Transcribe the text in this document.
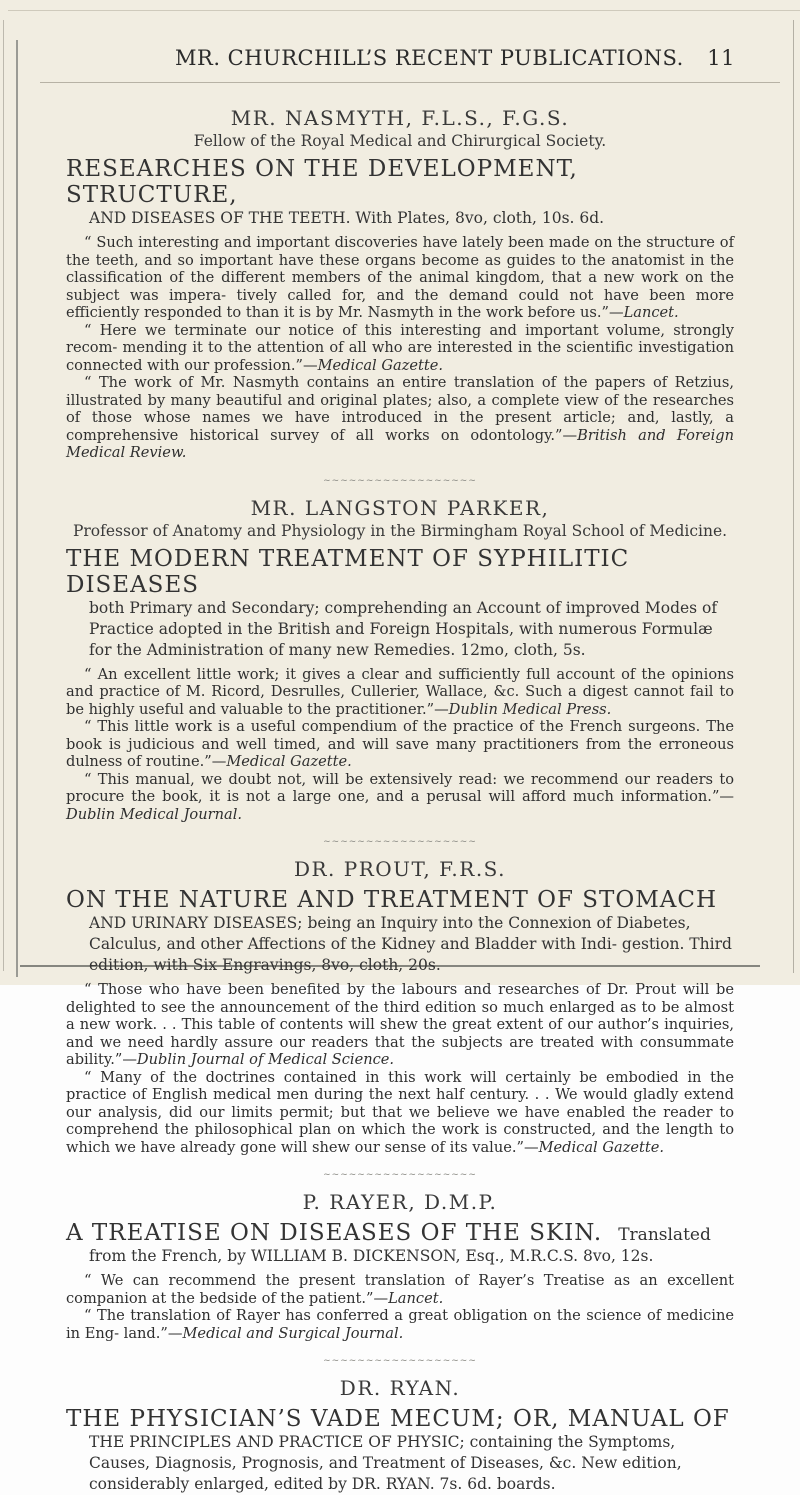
MR. CHURCHILL’S RECENT PUBLICATIONS. 11
MR. NASMYTH, F.L.S., F.G.S.
Fellow of the Royal Medical and Chirurgical Society.
RESEARCHES ON THE DEVELOPMENT, STRUCTURE,
AND DISEASES OF THE TEETH. With Plates, 8vo, cloth, 10s. 6d.

“ Such interesting and important discoveries have lately been made on the structure of the teeth, and so important have these organs become as guides to the anatomist in the classification of the different members of the animal kingdom, that a new work on the subject was impera- tively called for, and the demand could not have been more efficiently responded to than it is by Mr. Nasmyth in the work before us.”—Lancet.

“ Here we terminate our notice of this interesting and important volume, strongly recom- mending it to the attention of all who are interested in the scientific investigation connected with our profession.”—Medical Gazette.

“ The work of Mr. Nasmyth contains an entire translation of the papers of Retzius, illustrated by many beautiful and original plates; also, a complete view of the researches of those whose names we have introduced in the present article; and, lastly, a comprehensive historical survey of all works on odontology.”—British and Foreign Medical Review.

~~~~~~~~~~~~~~~~~~
MR. LANGSTON PARKER,
Professor of Anatomy and Physiology in the Birmingham Royal School of Medicine.
THE MODERN TREATMENT OF SYPHILITIC DISEASES
both Primary and Secondary; comprehending an Account of improved Modes of Practice adopted in the British and Foreign Hospitals, with numerous Formulæ for the Administration of many new Remedies. 12mo, cloth, 5s.

“ An excellent little work; it gives a clear and sufficiently full account of the opinions and practice of M. Ricord, Desrulles, Cullerier, Wallace, &c. Such a digest cannot fail to be highly useful and valuable to the practitioner.”—Dublin Medical Press.

“ This little work is a useful compendium of the practice of the French surgeons. The book is judicious and well timed, and will save many practitioners from the erroneous dulness of routine.”—Medical Gazette.

“ This manual, we doubt not, will be extensively read: we recommend our readers to procure the book, it is not a large one, and a perusal will afford much information.”—Dublin Medical Journal.

~~~~~~~~~~~~~~~~~~
DR. PROUT, F.R.S.
ON THE NATURE AND TREATMENT OF STOMACH
AND URINARY DISEASES; being an Inquiry into the Connexion of Diabetes, Calculus, and other Affections of the Kidney and Bladder with Indi- gestion. Third edition, with Six Engravings, 8vo, cloth, 20s.

“ Those who have been benefited by the labours and researches of Dr. Prout will be delighted to see the announcement of the third edition so much enlarged as to be almost a new work. . . This table of contents will shew the great extent of our author’s inquiries, and we need hardly assure our readers that the subjects are treated with consummate ability.”—Dublin Journal of Medical Science.

“ Many of the doctrines contained in this work will certainly be embodied in the practice of English medical men during the next half century. . . We would gladly extend our analysis, did our limits permit; but that we believe we have enabled the reader to comprehend the philosophical plan on which the work is constructed, and the length to which we have already gone will shew our sense of its value.”—Medical Gazette.

~~~~~~~~~~~~~~~~~~
P. RAYER, D.M.P.
A TREATISE ON DISEASES OF THE SKIN. Translated
from the French, by WILLIAM B. DICKENSON, Esq., M.R.C.S. 8vo, 12s.

“ We can recommend the present translation of Rayer’s Treatise as an excellent companion at the bedside of the patient.”—Lancet.

“ The translation of Rayer has conferred a great obligation on the science of medicine in Eng- land.”—Medical and Surgical Journal.

~~~~~~~~~~~~~~~~~~
DR. RYAN.
THE PHYSICIAN’S VADE MECUM; OR, MANUAL OF
THE PRINCIPLES AND PRACTICE OF PHYSIC; containing the Symptoms, Causes, Diagnosis, Prognosis, and Treatment of Diseases, &c. New edition, considerably enlarged, edited by DR. RYAN. 7s. 6d. boards.
